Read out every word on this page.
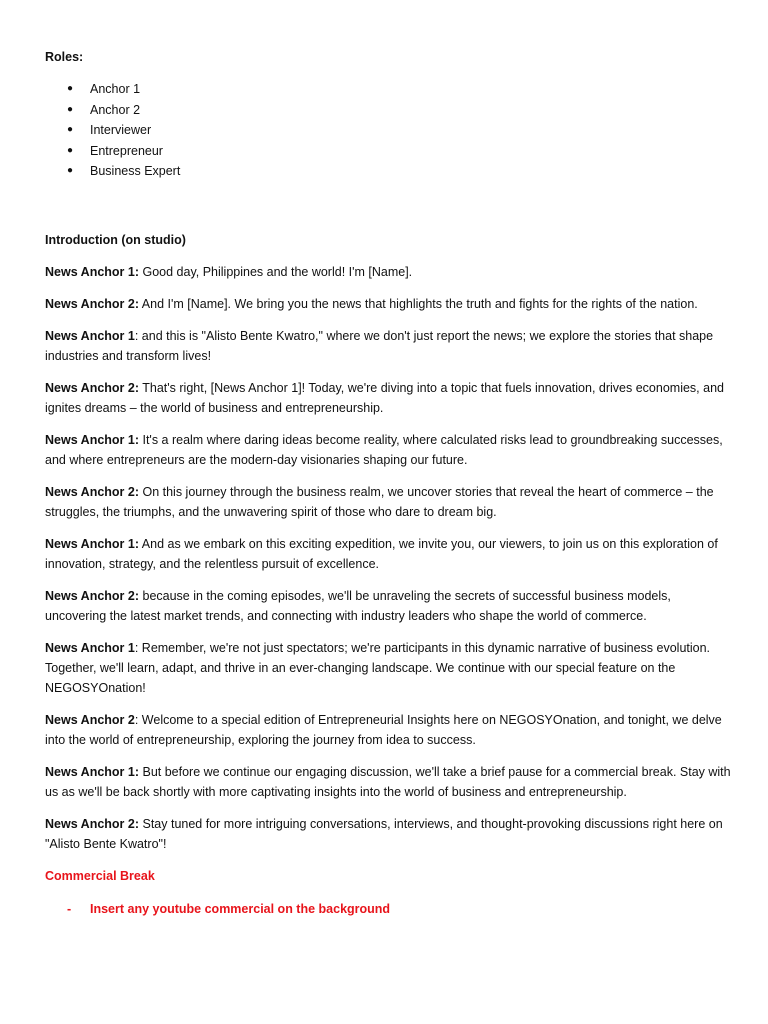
Roles:

● Anchor 1
● Anchor 2
● Interviewer
● Entrepreneur
● Business Expert

Introduction (on studio)

News Anchor 1: Good day, Philippines and the world! I'm [Name].

News Anchor 2: And I'm [Name]. We bring you the news that highlights the truth and fights for the rights of the nation.

News Anchor 1: and this is "Alisto Bente Kwatro," where we don't just report the news; we explore the stories that shape industries and transform lives!

News Anchor 2: That's right, [News Anchor 1]! Today, we're diving into a topic that fuels innovation, drives economies, and ignites dreams – the world of business and entrepreneurship.

News Anchor 1: It's a realm where daring ideas become reality, where calculated risks lead to groundbreaking successes, and where entrepreneurs are the modern-day visionaries shaping our future.

News Anchor 2: On this journey through the business realm, we uncover stories that reveal the heart of commerce – the struggles, the triumphs, and the unwavering spirit of those who dare to dream big.

News Anchor 1: And as we embark on this exciting expedition, we invite you, our viewers, to join us on this exploration of innovation, strategy, and the relentless pursuit of excellence.

News Anchor 2: because in the coming episodes, we'll be unraveling the secrets of successful business models, uncovering the latest market trends, and connecting with industry leaders who shape the world of commerce.

News Anchor 1: Remember, we're not just spectators; we're participants in this dynamic narrative of business evolution. Together, we'll learn, adapt, and thrive in an ever-changing landscape. We continue with our special feature on the NEGOSYOnation!

News Anchor 2: Welcome to a special edition of Entrepreneurial Insights here on NEGOSYOnation, and tonight, we delve into the world of entrepreneurship, exploring the journey from idea to success.

News Anchor 1: But before we continue our engaging discussion, we'll take a brief pause for a commercial break. Stay with us as we'll be back shortly with more captivating insights into the world of business and entrepreneurship.

News Anchor 2: Stay tuned for more intriguing conversations, interviews, and thought-provoking discussions right here on "Alisto Bente Kwatro"!

Commercial Break

- Insert any youtube commercial on the background
